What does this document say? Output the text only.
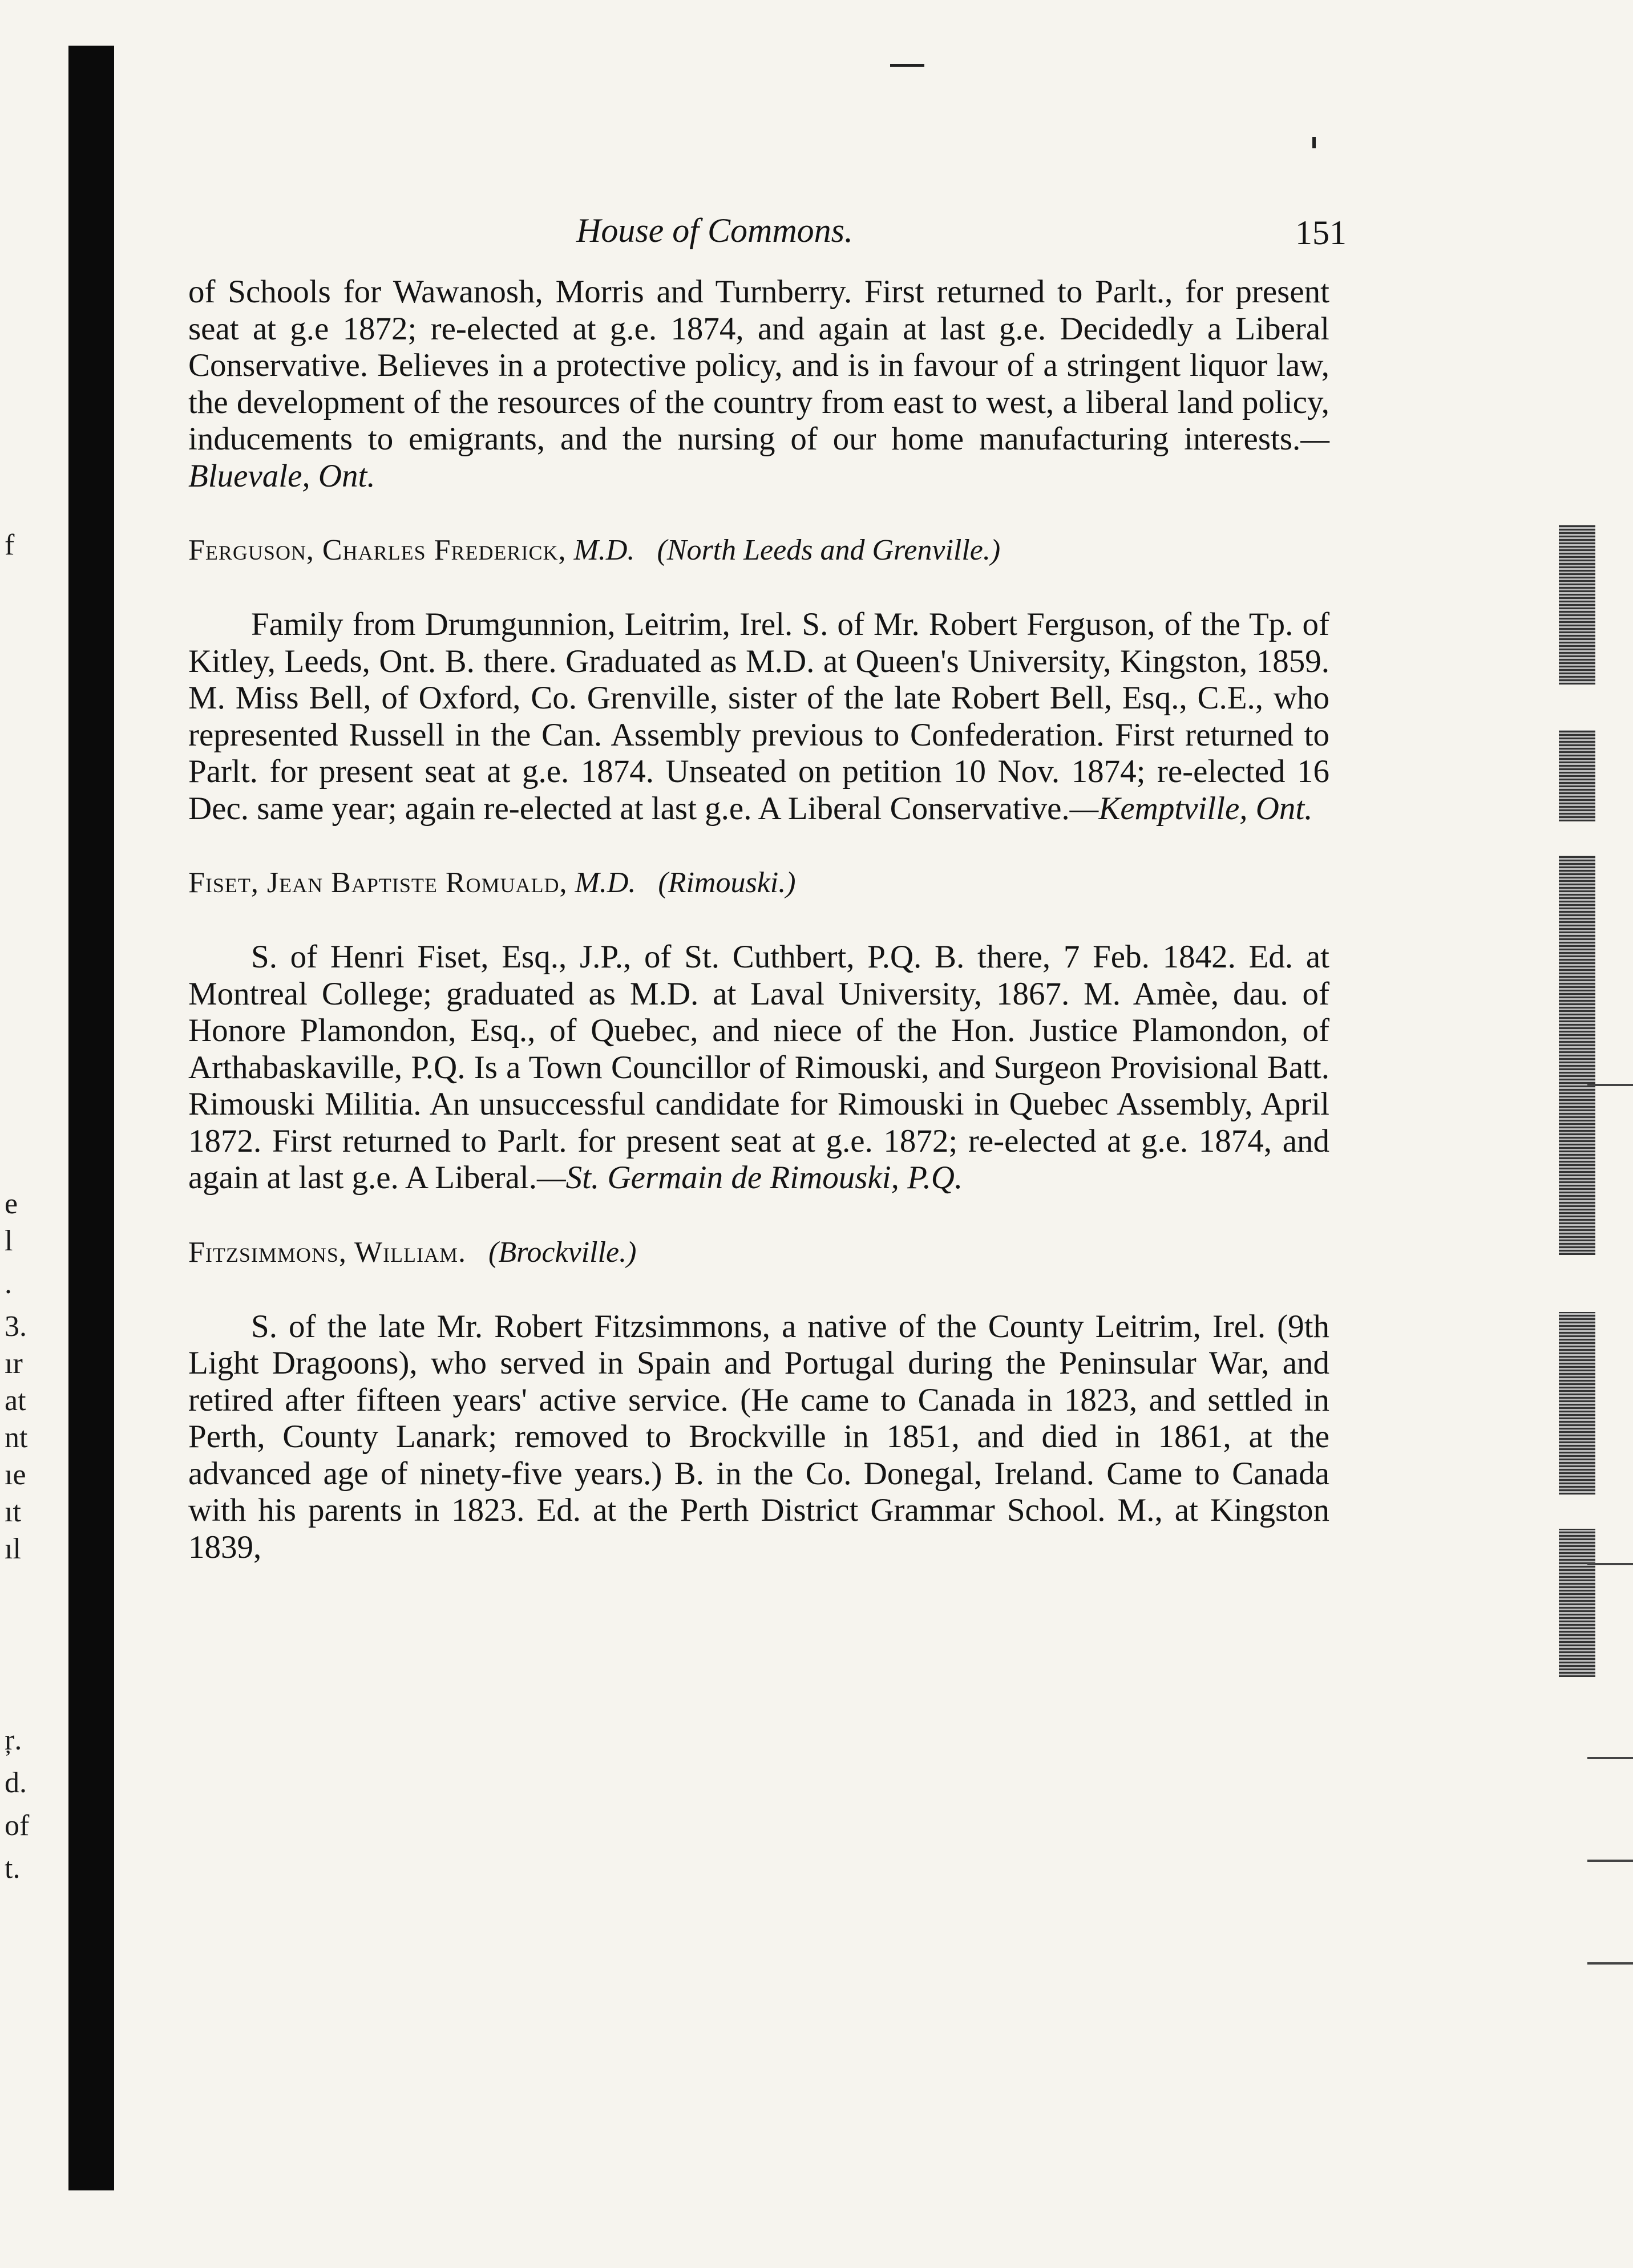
f
e
l
.
3.
ır
at
nt
ıe
ıt
ıl
ŗ.
d.
of
t.
House of Commons.	151

of Schools for Wawanosh, Morris and Turnberry. First returned to Parlt., for present seat at g.e 1872; re-elected at g.e. 1874, and again at last g.e. Decidedly a Liberal Conservative. Believes in a protective policy, and is in favour of a stringent liquor law, the development of the resources of the country from east to west, a liberal land policy, inducements to emigrants, and the nursing of our home manufacturing interests.—Bluevale, Ont.

Ferguson, Charles Frederick, M.D. (North Leeds and Grenville.)

Family from Drumgunnion, Leitrim, Irel. S. of Mr. Robert Ferguson, of the Tp. of Kitley, Leeds, Ont. B. there. Graduated as M.D. at Queen's University, Kingston, 1859. M. Miss Bell, of Oxford, Co. Grenville, sister of the late Robert Bell, Esq., C.E., who represented Russell in the Can. Assembly previous to Confederation. First returned to Parlt. for present seat at g.e. 1874. Unseated on petition 10 Nov. 1874; re-elected 16 Dec. same year; again re-elected at last g.e. A Liberal Conservative.—Kemptville, Ont.

Fiset, Jean Baptiste Romuald, M.D. (Rimouski.)

S. of Henri Fiset, Esq., J.P., of St. Cuthbert, P.Q. B. there, 7 Feb. 1842. Ed. at Montreal College; graduated as M.D. at Laval University, 1867. M. Amèe, dau. of Honore Plamondon, Esq., of Quebec, and niece of the Hon. Justice Plamondon, of Arthabaskaville, P.Q. Is a Town Councillor of Rimouski, and Surgeon Provisional Batt. Rimouski Militia. An unsuccessful candidate for Rimouski in Quebec Assembly, April 1872. First returned to Parlt. for present seat at g.e. 1872; re-elected at g.e. 1874, and again at last g.e. A Liberal.—St. Germain de Rimouski, P.Q.

Fitzsimmons, William. (Brockville.)

S. of the late Mr. Robert Fitzsimmons, a native of the County Leitrim, Irel. (9th Light Dragoons), who served in Spain and Portugal during the Peninsular War, and retired after fifteen years' active service. (He came to Canada in 1823, and settled in Perth, County Lanark; removed to Brockville in 1851, and died in 1861, at the advanced age of ninety-five years.) B. in the Co. Donegal, Ireland. Came to Canada with his parents in 1823. Ed. at the Perth District Grammar School. M., at Kingston 1839,
